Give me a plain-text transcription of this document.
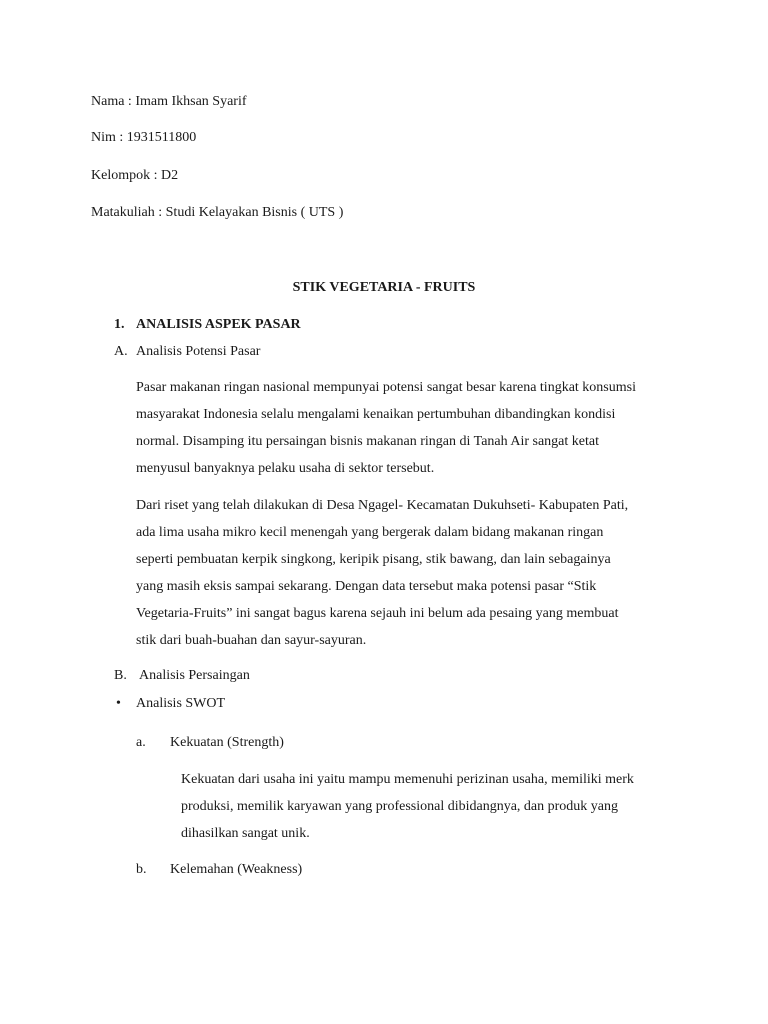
Nama : Imam Ikhsan Syarif
Nim : 1931511800
Kelompok : D2
Matakuliah : Studi Kelayakan Bisnis ( UTS )
STIK VEGETARIA - FRUITS
1. ANALISIS ASPEK PASAR
A. Analisis Potensi Pasar
Pasar makanan ringan nasional mempunyai potensi sangat besar karena tingkat konsumsi
masyarakat Indonesia selalu mengalami kenaikan pertumbuhan dibandingkan kondisi
normal. Disamping itu persaingan bisnis makanan ringan di Tanah Air sangat ketat
menyusul banyaknya pelaku usaha di sektor tersebut.
Dari riset yang telah dilakukan di Desa Ngagel- Kecamatan Dukuhseti- Kabupaten Pati,
ada lima usaha mikro kecil menengah yang bergerak dalam bidang makanan ringan
seperti pembuatan kerpik singkong, keripik pisang, stik bawang, dan lain sebagainya
yang masih eksis sampai sekarang. Dengan data tersebut maka potensi pasar “Stik
Vegetaria-Fruits” ini sangat bagus karena sejauh ini belum ada pesaing yang membuat
stik dari buah-buahan dan sayur-sayuran.
B. Analisis Persaingan
• Analisis SWOT
a. Kekuatan (Strength)
Kekuatan dari usaha ini yaitu mampu memenuhi perizinan usaha, memiliki merk
produksi, memilik karyawan yang professional dibidangnya, dan produk yang
dihasilkan sangat unik.
b. Kelemahan (Weakness)
